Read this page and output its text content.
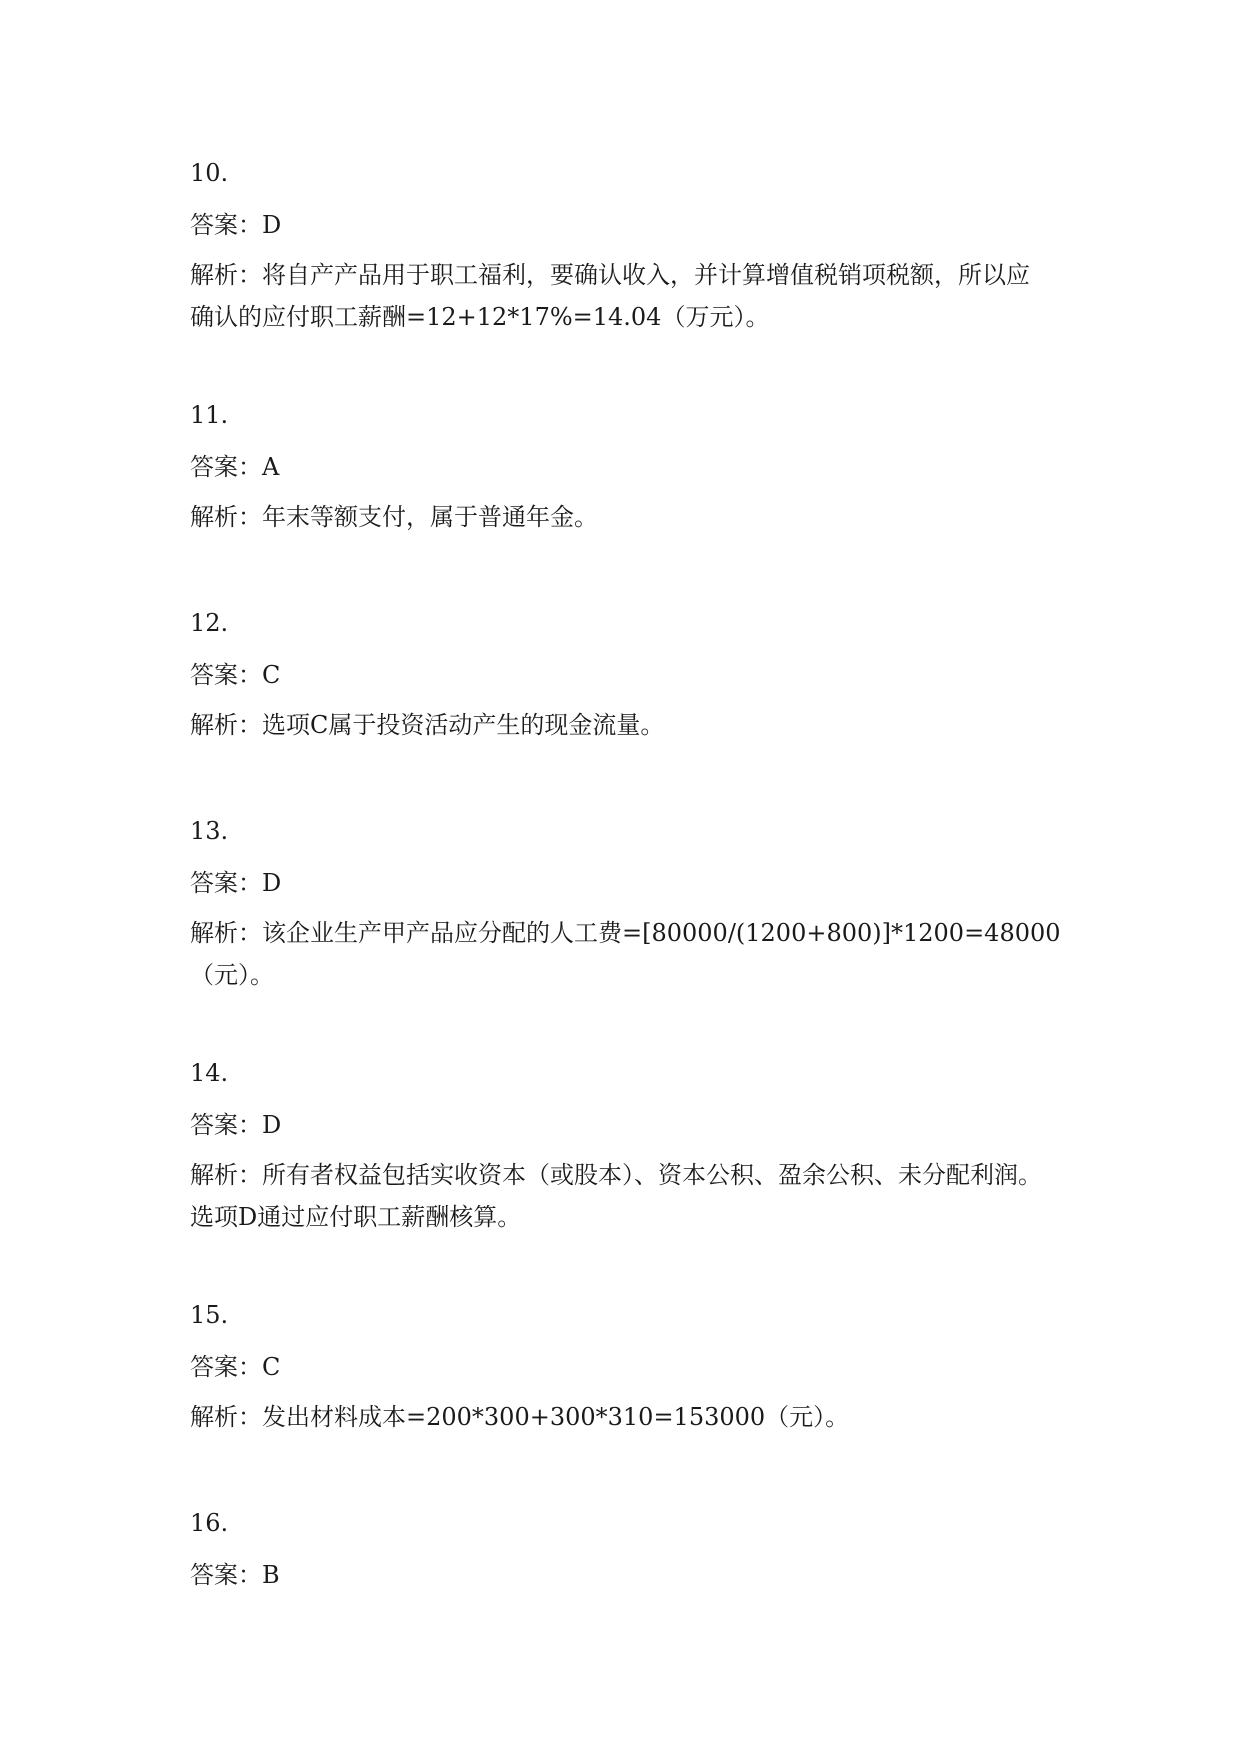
10.
答案：D
解析：将自产产品用于职工福利，要确认收入，并计算增值税销项税额，所以应
确认的应付职工薪酬=12+12*17%=14.04（万元）。
11.
答案：A
解析：年末等额支付，属于普通年金。
12.
答案：C
解析：选项C属于投资活动产生的现金流量。
13.
答案：D
解析：该企业生产甲产品应分配的人工费=[80000/(1200+800)]*1200=48000
（元）。
14.
答案：D
解析：所有者权益包括实收资本（或股本）、资本公积、盈余公积、未分配利润。
选项D通过应付职工薪酬核算。
15.
答案：C
解析：发出材料成本=200*300+300*310=153000（元）。
16.
答案：B
